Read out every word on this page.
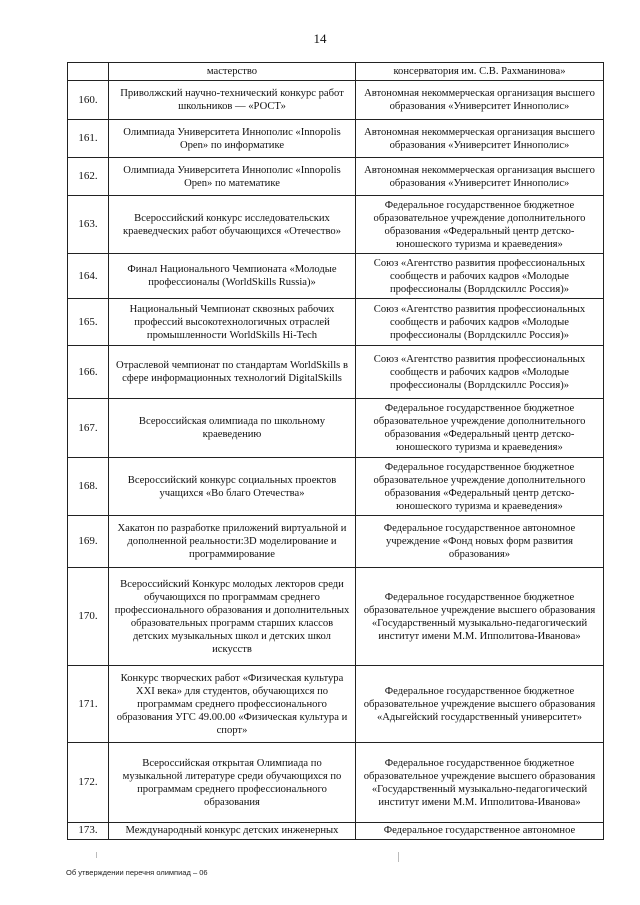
14
	мастерство	консерватория им. С.В. Рахманинова»
160.	Приволжский научно-технический конкурс работ школьников — «РОСТ»	Автономная некоммерческая организация высшего образования «Университет Иннополис»
161.	Олимпиада Университета Иннополис «Innopolis Open» по информатике	Автономная некоммерческая организация высшего образования «Университет Иннополис»
162.	Олимпиада Университета Иннополис «Innopolis Open» по математике	Автономная некоммерческая организация высшего образования «Университет Иннополис»
163.	Всероссийский конкурс исследовательских краеведческих работ обучающихся «Отечество»	Федеральное государственное бюджетное образовательное учреждение дополнительного образования «Федеральный центр детско-юношеского туризма и краеведения»
164.	Финал Национального Чемпионата «Молодые профессионалы (WorldSkills Russia)»	Союз «Агентство развития профессиональных сообществ и рабочих кадров «Молодые профессионалы (Ворлдскиллс Россия)»
165.	Национальный Чемпионат сквозных рабочих профессий высокотехнологичных отраслей промышленности WorldSkills Hi-Tech	Союз «Агентство развития профессиональных сообществ и рабочих кадров «Молодые профессионалы (Ворлдскиллс Россия)»
166.	Отраслевой чемпионат по стандартам WorldSkills в сфере информационных технологий DigitalSkills	Союз «Агентство развития профессиональных сообществ и рабочих кадров «Молодые профессионалы (Ворлдскиллс Россия)»
167.	Всероссийская олимпиада по школьному краеведению	Федеральное государственное бюджетное образовательное учреждение дополнительного образования «Федеральный центр детско-юношеского туризма и краеведения»
168.	Всероссийский конкурс социальных проектов учащихся «Во благо Отечества»	Федеральное государственное бюджетное образовательное учреждение дополнительного образования «Федеральный центр детско-юношеского туризма и краеведения»
169.	Хакатон по разработке приложений виртуальной и дополненной реальности:3D моделирование и программирование	Федеральное государственное автономное учреждение «Фонд новых форм развития образования»
170.	Всероссийский Конкурс молодых лекторов среди обучающихся по программам среднего профессионального образования и дополнительных образовательных программ старших классов детских музыкальных школ и детских школ искусств	Федеральное государственное бюджетное образовательное учреждение высшего образования «Государственный музыкально-педагогический институт имени М.М. Ипполитова-Иванова»
171.	Конкурс творческих работ «Физическая культура XXI века» для студентов, обучающихся по программам среднего профессионального образования УГС 49.00.00 «Физическая культура и спорт»	Федеральное государственное бюджетное образовательное учреждение высшего образования «Адыгейский государственный университет»
172.	Всероссийская открытая Олимпиада по музыкальной литературе среди обучающихся по программам среднего профессионального образования	Федеральное государственное бюджетное образовательное учреждение высшего образования «Государственный музыкально-педагогический институт имени М.М. Ипполитова-Иванова»
173.	Международный конкурс детских инженерных	Федеральное государственное автономное
Об утверждении перечня олимпиад – 06
